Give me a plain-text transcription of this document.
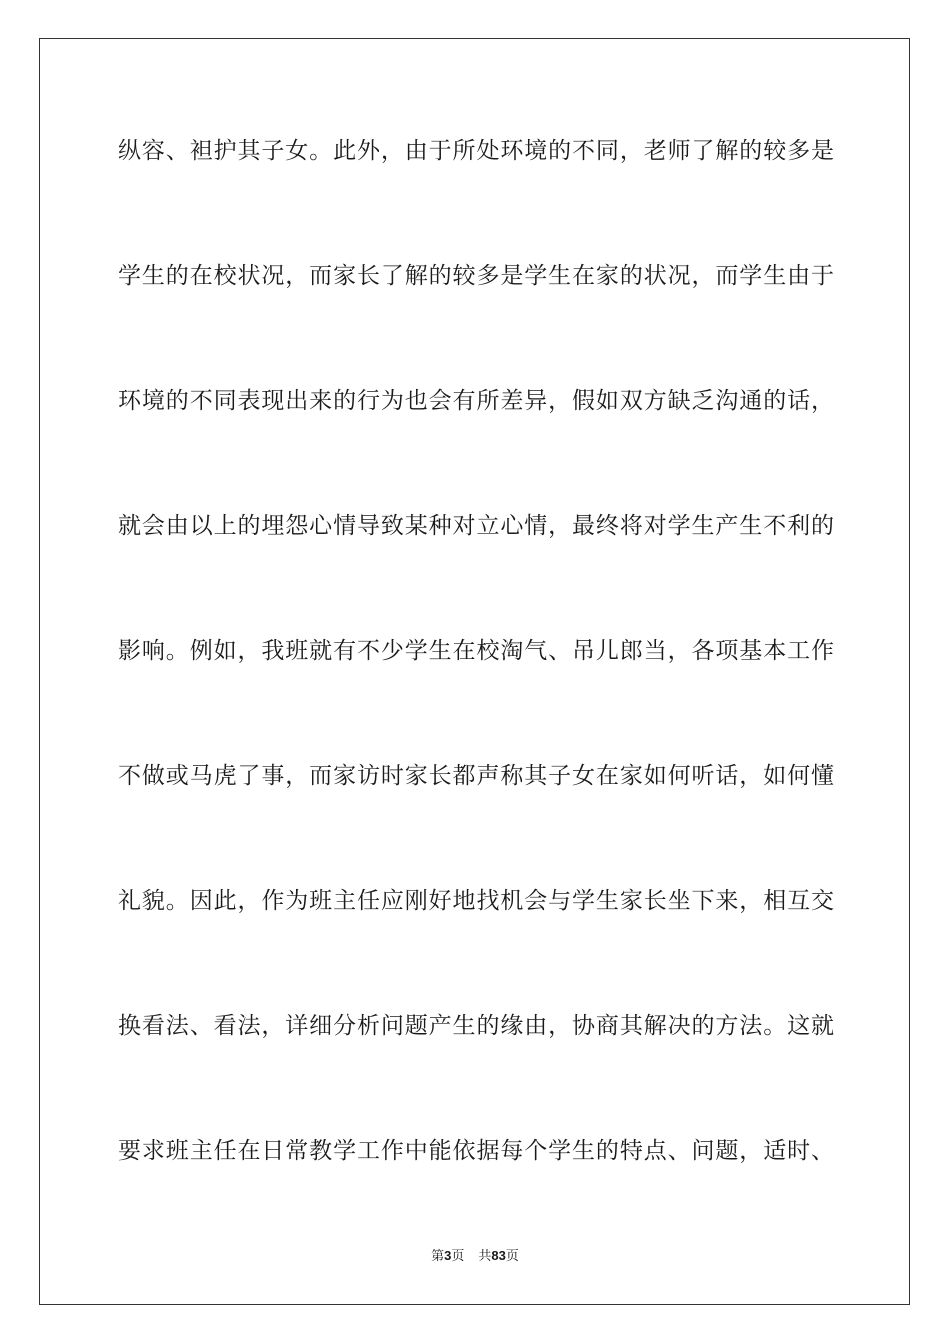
纵容、袒护其子女。此外，由于所处环境的不同，老师了解的较多是
学生的在校状况，而家长了解的较多是学生在家的状况，而学生由于
环境的不同表现出来的行为也会有所差异，假如双方缺乏沟通的话，
就会由以上的埋怨心情导致某种对立心情，最终将对学生产生不利的
影响。例如，我班就有不少学生在校淘气、吊儿郎当，各项基本工作
不做或马虎了事，而家访时家长都声称其子女在家如何听话，如何懂
礼貌。因此，作为班主任应刚好地找机会与学生家长坐下来，相互交
换看法、看法，详细分析问题产生的缘由，协商其解决的方法。这就
要求班主任在日常教学工作中能依据每个学生的特点、问题，适时、
第3页 共83页
